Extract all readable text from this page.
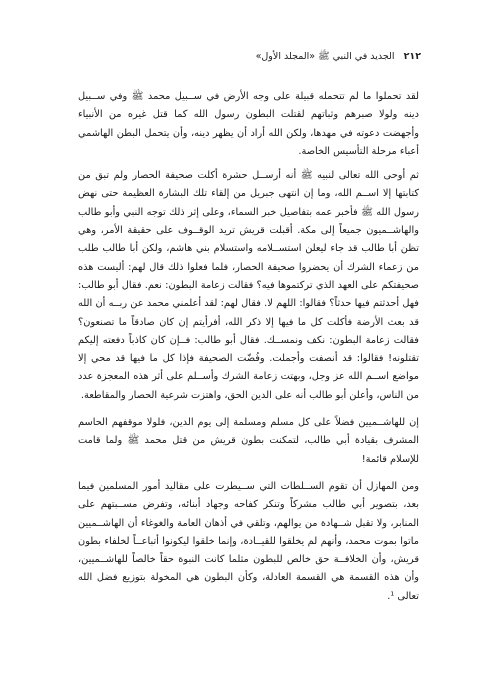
٢١٢ الجديد في النبي ﷺ «المجلد الأول»

لقد تحملوا ما لم تتحمله قبيلة على وجه الأرض في ســبيل محمد ﷺ وفي ســبيل دينه ولولا صبرهم وثباتهم لقتلت البطون رسول الله كما قتل غيره من الأنبياء وأجهضت دعوته في مهدها، ولكن الله أراد أن يظهر دينه، وأن يتحمل البطن الهاشمي أعباء مرحلة التأسيس الخاصة.

ثم أوحى الله تعالى لنبيه ﷺ أنه أرســل حشرة أكلت صحيفة الحصار ولم تبق من كتابتها إلا اســم الله، وما إن انتهى جبريل من إلقاء تلك البشارة العظيمة حتى نهض رسول الله ﷺ فأخبر عمه بتفاصيل خبر السماء، وعلى إثر ذلك توجه النبي وأبو طالب والهاشــميون جميعاً إلى مكة. أقبلت قريش تريد الوقــوف على حقيقة الأمر، وهي تظن أبا طالب قد جاء ليعلن استســلامه واستسلام بني هاشم، ولكن أبا طالب طلب من زعماء الشرك أن يحضروا صحيفة الحصار، فلما فعلوا ذلك قال لهم: أليست هذه صحيفتكم على العهد الذي تركتموها فيه؟ فقالت زعامة البطون: نعم. فقال أبو طالب: فهل أحدثتم فيها حدثاً؟ فقالوا: اللهم لا. فقال لهم: لقد أعلمني محمد عن ربــه أن الله قد بعث الأرضة فأكلت كل ما فيها إلا ذكر الله، أفرأيتم إن كان صادقاً ما تصنعون؟ فقالت زعامة البطون: نكف ونمســك. فقال أبو طالب: فــإن كان كاذباً دفعته إليكم تقتلونه! فقالوا: قد أنصفت وأجملت. وفُضّت الصحيفة فإذا كل ما فيها قد محي إلا مواضع اســم الله عز وجل، وبهتت زعامة الشرك وأســلم على أثر هذه المعجزة عدد من الناس، وأعلن أبو طالب أنه على الدين الحق، واهتزت شرعية الحصار والمقاطعة.

إن للهاشــميين فضلاً على كل مسلم ومسلمة إلى يوم الدين، فلولا موقفهم الحاسم المشرف بقيادة أبي طالب، لتمكنت بطون قريش من قتل محمد ﷺ ولما قامت للإسلام قائمة!

ومن المهازل أن تقوم الســلطات التي ســيطرت على مقاليد أمور المسلمين فيما بعد، بتصوير أبي طالب مشركاً وتنكر كفاحه وجهاد أبنائه، وتفرض مســبتهم على المنابر، ولا تقبل شــهادة من يوالهم، وتلقي في أذهان العامة والغوغاء أن الهاشــميين ماتوا بموت محمد، وأنهم لم يخلقوا للقيــادة، وإنما خلقوا ليكونوا أتباعــاً لخلفاء بطون قريش، وأن الخلافــة حق خالص للبطون مثلما كانت النبوة حقاً خالصاً للهاشــميين، وأن هذه القسمة هي القسمة العادلة، وكأن البطون هي المخولة بتوزيع فضل الله تعالى ¹.
